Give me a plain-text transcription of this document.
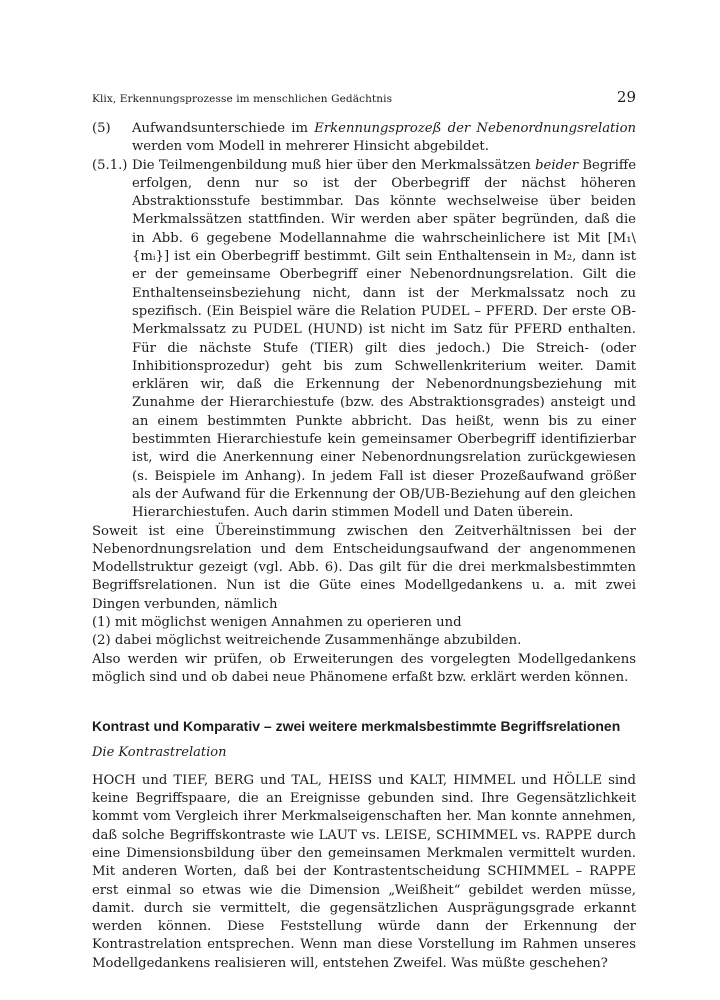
Klix, Erkennungsprozesse im menschlichen Gedächtnis	29
(5)	Aufwandsunterschiede im Erkennungsprozeß der Nebenordnungsrelation werden vom Modell in mehrerer Hinsicht abgebildet.
(5.1.) Die Teilmengenbildung muß hier über den Merkmalssätzen beider Begriffe erfolgen, denn nur so ist der Oberbegriff der nächst höheren Abstraktionsstufe bestimmbar. Das könnte wechselweise über beiden Merkmalssätzen stattfinden. Wir werden aber später begründen, daß die in Abb. 6 gegebene Modellannahme die wahrscheinlichere ist Mit [M₁\{mᵢ}] ist ein Oberbegriff bestimmt. Gilt sein Enthaltensein in M₂, dann ist er der gemeinsame Oberbegriff einer Nebenordnungsrelation. Gilt die Enthaltenseinsbeziehung nicht, dann ist der Merkmalssatz noch zu spezifisch. (Ein Beispiel wäre die Relation PUDEL – PFERD. Der erste OB-Merkmalssatz zu PUDEL (HUND) ist nicht im Satz für PFERD enthalten. Für die nächste Stufe (TIER) gilt dies jedoch.) Die Streich- (oder Inhibitionsprozedur) geht bis zum Schwellenkriterium weiter. Damit erklären wir, daß die Erkennung der Nebenordnungsbeziehung mit Zunahme der Hierarchiestufe (bzw. des Abstraktionsgrades) ansteigt und an einem bestimmten Punkte abbricht. Das heißt, wenn bis zu einer bestimmten Hierarchiestufe kein gemeinsamer Oberbegriff identifizierbar ist, wird die Anerkennung einer Nebenordnungsrelation zurückgewiesen (s. Beispiele im Anhang). In jedem Fall ist dieser Prozeßaufwand größer als der Aufwand für die Erkennung der OB/UB-Beziehung auf den gleichen Hierarchiestufen. Auch darin stimmen Modell und Daten überein.

Soweit ist eine Übereinstimmung zwischen den Zeitverhältnissen bei der Nebenordnungsrelation und dem Entscheidungsaufwand der angenommenen Modellstruktur gezeigt (vgl. Abb. 6). Das gilt für die drei merkmalsbestimmten Begriffsrelationen. Nun ist die Güte eines Modellgedankens u. a. mit zwei Dingen verbunden, nämlich

(1) mit möglichst wenigen Annahmen zu operieren und

(2) dabei möglichst weitreichende Zusammenhänge abzubilden.

Also werden wir prüfen, ob Erweiterungen des vorgelegten Modellgedankens möglich sind und ob dabei neue Phänomene erfaßt bzw. erklärt werden können.

Kontrast und Komparativ – zwei weitere merkmalsbestimmte Begriffsrelationen
Die Kontrastrelation

HOCH und TIEF, BERG und TAL, HEISS und KALT, HIMMEL und HÖLLE sind keine Begriffspaare, die an Ereignisse gebunden sind. Ihre Gegensätzlichkeit kommt vom Vergleich ihrer Merkmalseigenschaften her. Man konnte annehmen, daß solche Begriffskontraste wie LAUT vs. LEISE, SCHIMMEL vs. RAPPE durch eine Dimensionsbildung über den gemeinsamen Merkmalen vermittelt wurden. Mit anderen Worten, daß bei der Kontrastentscheidung SCHIMMEL – RAPPE erst einmal so etwas wie die Dimension „Weißheit“ gebildet werden müsse, damit. durch sie vermittelt, die gegensätzlichen Ausprägungsgrade erkannt werden können. Diese Feststellung würde dann der Erkennung der Kontrastrelation entsprechen. Wenn man diese Vorstellung im Rahmen unseres Modellgedankens realisieren will, entstehen Zweifel. Was müßte geschehen?
